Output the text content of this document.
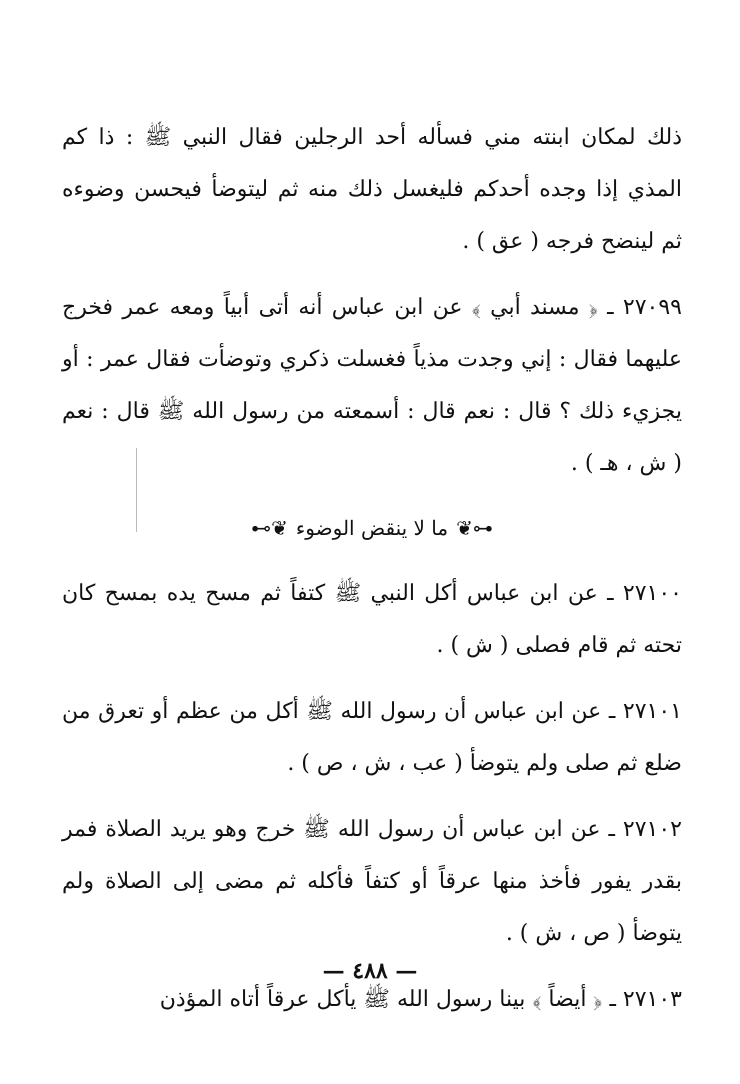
ذلك لمكان ابنته مني فسأله أحد الرجلين فقال النبي ﷺ : ذا كم المذي إذا وجده أحدكم فليغسل ذلك منه ثم ليتوضأ فيحسن وضوءه ثم لينضح فرجه ( عق ) .

٢٧٠٩٩ ـ ﴿ مسند أبي ﴾ عن ابن عباس أنه أتى أبياً ومعه عمر فخرج عليهما فقال : إني وجدت مذياً فغسلت ذكري وتوضأت فقال عمر : أو يجزيء ذلك ؟ قال : نعم قال : أسمعته من رسول الله ﷺ قال : نعم ( ش ، هـ ) .

⊷❦
ما لا ينقض الوضوء
❦⊶

٢٧١٠٠ ـ عن ابن عباس أكل النبي ﷺ كتفاً ثم مسح يده بمسح كان تحته ثم قام فصلى ( ش ) .

٢٧١٠١ ـ عن ابن عباس أن رسول الله ﷺ أكل من عظم أو تعرق من ضلع ثم صلى ولم يتوضأ ( عب ، ش ، ص ) .

٢٧١٠٢ ـ عن ابن عباس أن رسول الله ﷺ خرج وهو يريد الصلاة فمر بقدر يفور فأخذ منها عرقاً أو كتفاً فأكله ثم مضى إلى الصلاة ولم يتوضأ ( ص ، ش ) .

٢٧١٠٣ ـ ﴿ أيضاً ﴾ بينا رسول الله ﷺ يأكل عرقاً أتاه المؤذن

— ٤٨٨ —
